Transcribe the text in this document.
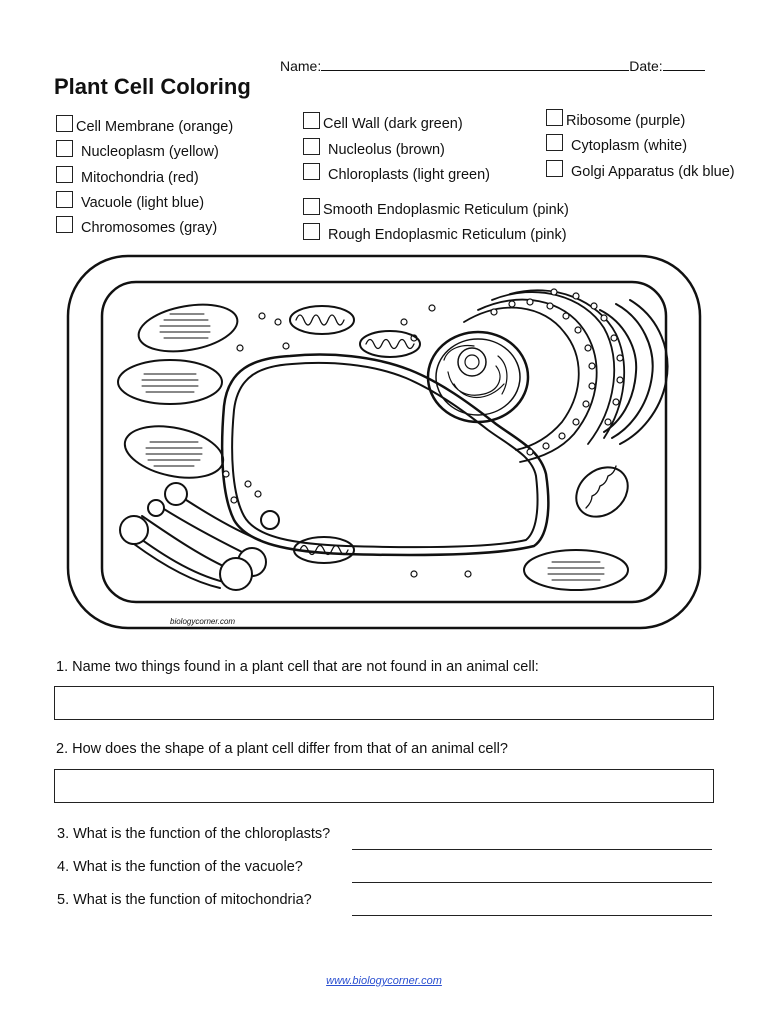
Name:	Date:
Plant Cell Coloring
Cell Membrane (orange)
Nucleoplasm (yellow)
Mitochondria (red)
Vacuole (light blue)
Chromosomes (gray)
Cell Wall (dark green)
Nucleolus (brown)
Chloroplasts (light green)
Smooth Endoplasmic Reticulum (pink)
Rough Endoplasmic Reticulum (pink)
Ribosome (purple)
Cytoplasm (white)
Golgi Apparatus (dk blue)
biologycorner.com
1. Name two things found in a plant cell that are not found in an animal cell:
2. How does the shape of a plant cell differ from that of an animal cell?
3. What is the function of the chloroplasts?
4. What is the function of the vacuole?
5. What is the function of mitochondria?
www.biologycorner.com
